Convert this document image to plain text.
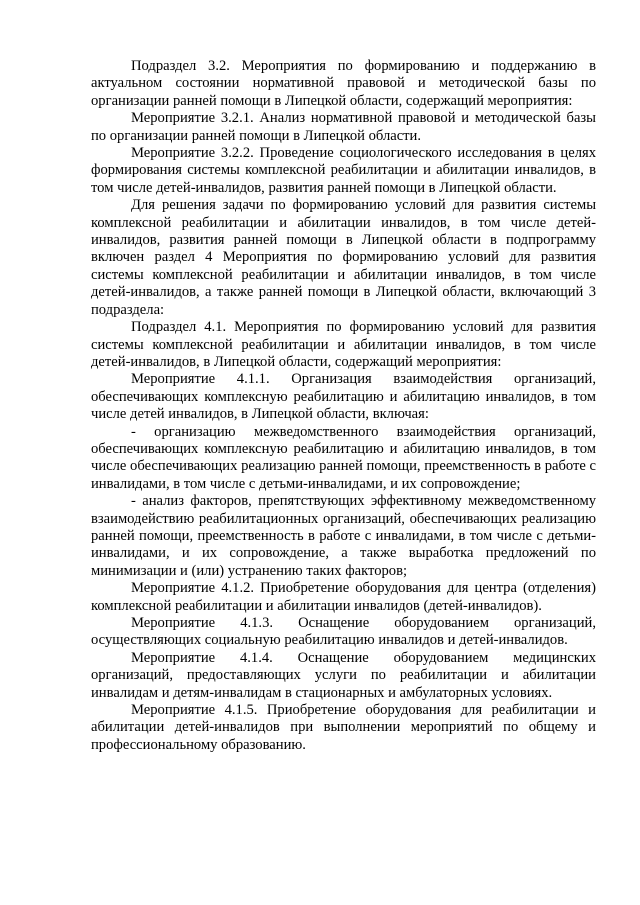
Подраздел 3.2. Мероприятия по формированию и поддержанию в актуальном состоянии нормативной правовой и методической базы по организации ранней помощи в Липецкой области, содержащий мероприятия:

Мероприятие 3.2.1. Анализ нормативной правовой и методической базы по организации ранней помощи в Липецкой области.

Мероприятие 3.2.2. Проведение социологического исследования в целях формирования системы комплексной реабилитации и абилитации инвалидов, в том числе детей-инвалидов, развития ранней помощи в Липецкой области.

Для решения задачи по формированию условий для развития системы комплексной реабилитации и абилитации инвалидов, в том числе детей-инвалидов, развития ранней помощи в Липецкой области в подпрограмму включен раздел 4 Мероприятия по формированию условий для развития системы комплексной реабилитации и абилитации инвалидов, в том числе детей-инвалидов, а также ранней помощи в Липецкой области, включающий 3 подраздела:

Подраздел 4.1. Мероприятия по формированию условий для развития системы комплексной реабилитации и абилитации инвалидов, в том числе детей-инвалидов, в Липецкой области, содержащий мероприятия:

Мероприятие 4.1.1. Организация взаимодействия организаций, обеспечивающих комплексную реабилитацию и абилитацию инвалидов, в том числе детей инвалидов, в Липецкой области, включая:

- организацию межведомственного взаимодействия организаций, обеспечивающих комплексную реабилитацию и абилитацию инвалидов, в том числе обеспечивающих реализацию ранней помощи, преемственность в работе с инвалидами, в том числе с детьми-инвалидами, и их сопровождение;

- анализ факторов, препятствующих эффективному межведомственному взаимодействию реабилитационных организаций, обеспечивающих реализацию ранней помощи, преемственность в работе с инвалидами, в том числе с детьми-инвалидами, и их сопровождение, а также выработка предложений по минимизации и (или) устранению таких факторов;

Мероприятие 4.1.2. Приобретение оборудования для центра (отделения) комплексной реабилитации и абилитации инвалидов (детей-инвалидов).

Мероприятие 4.1.3. Оснащение оборудованием организаций, осуществляющих социальную реабилитацию инвалидов и детей-инвалидов.

Мероприятие 4.1.4. Оснащение оборудованием медицинских организаций, предоставляющих услуги по реабилитации и абилитации инвалидам и детям-инвалидам в стационарных и амбулаторных условиях.

Мероприятие 4.1.5. Приобретение оборудования для реабилитации и абилитации детей-инвалидов при выполнении мероприятий по общему и профессиональному образованию.
